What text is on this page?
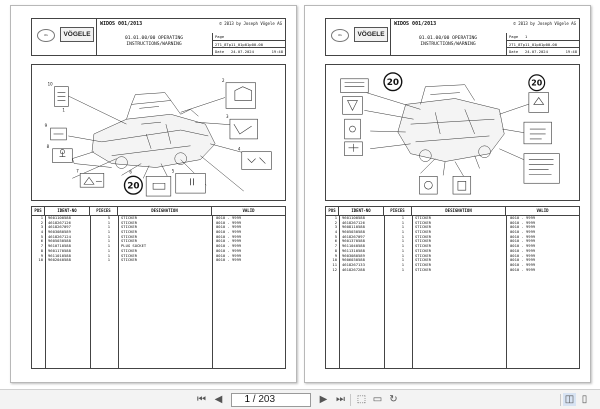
WG	VÖGELE
WIDOS 001/2013	© 2013 by Joseph Vögele AG
01.01.00/00 OPERATING
INSTRUCTIONS/WARNING
Page
2T1_8Tp11_01p01p00-00
Date 24.07.2024	19:48
20
10
9
8
7	6	5
4
3
2
1
POS	IDENT-NO	PIECES	DESIGNATION	VALID
1	9601100588	5	STICKER	0010 - 9999
2	4618267126	1	STICKER	0010 - 9999
3	4618267097	1	STICKER	0010 - 9999
4	9603080589	1	STICKER	0010 - 9999
5	4618267124	1	STICKER	0010 - 9999
6	9605030588	1	STICKER	0010 - 9999
7	9610710588	1	PLUG SOCKET	0010 - 9999
8	9601170588	1	STICKER	0010 - 9999
9	9611010588	1	STICKER	0010 - 9999
10	9602040588	1	STICKER	0010 - 9999
WG	VÖGELE
WIDOS 001/2013	© 2013 by Joseph Vögele AG
01.01.00/00 OPERATING
INSTRUCTIONS/WARNING
Page 1
2T1_8Tp11_01p01p00-00
Date 24.07.2024	19:48
20	20
POS	IDENT-NO	PIECES	DESIGNATION	VALID
1	9601100588	1	STICKER	0010 - 9999
2	4618267126	1	STICKER	0010 - 9999
3	9608110588	1	STICKER	0010 - 9999
4	9605030588	1	STICKER	0010 - 9999
5	4618267097	1	STICKER	0010 - 9999
6	9601370588	1	STICKER	0010 - 9999
7	9611040588	1	STICKER	0010 - 9999
8	9611310588	1	STICKER	0010 - 9999
9	9603080589	1	STICKER	0010 - 9999
10	9606030588	1	STICKER	0010 - 9999
11	4618267133	1	STICKER	0010 - 9999
12	4618267288	1	STICKER	0010 - 9999
⏮ ◀
1	/ 203	▶ ⏭ ⬚ ▭ ↻	◫ ▯
